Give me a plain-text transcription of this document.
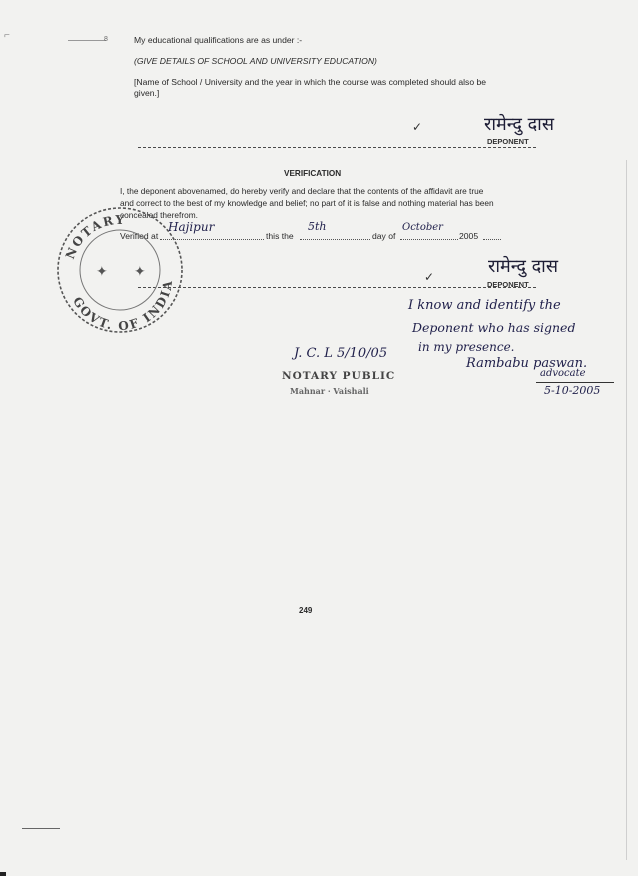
⌐	8	My educational qualifications are as under :-
(GIVE DETAILS OF SCHOOL AND UNIVERSITY EDUCATION)
[Name of School / University and the year in which the course was completed should also be
given.]
✓	रामेन्दु दास
DEPONENT
VERIFICATION
I, the deponent abovenamed, do hereby verify and declare that the contents of the affidavit are true
and correct to the best of my knowledge and belief; no part of it is false and nothing material has been
concealed therefrom.
Verified at
Hajipur
this the
5th
day of
October
2005
रामेन्दु दास
✓
DEPONENT
NOTARY
GOVT. OF INDIA
✦ ✦
I know and identify the
Deponent who has signed
in my presence.
Rambabu paswan.
advocate
5-10-2005
J. C. L 5/10/05
NOTARY PUBLIC
Mahnar · Vaishali
249
